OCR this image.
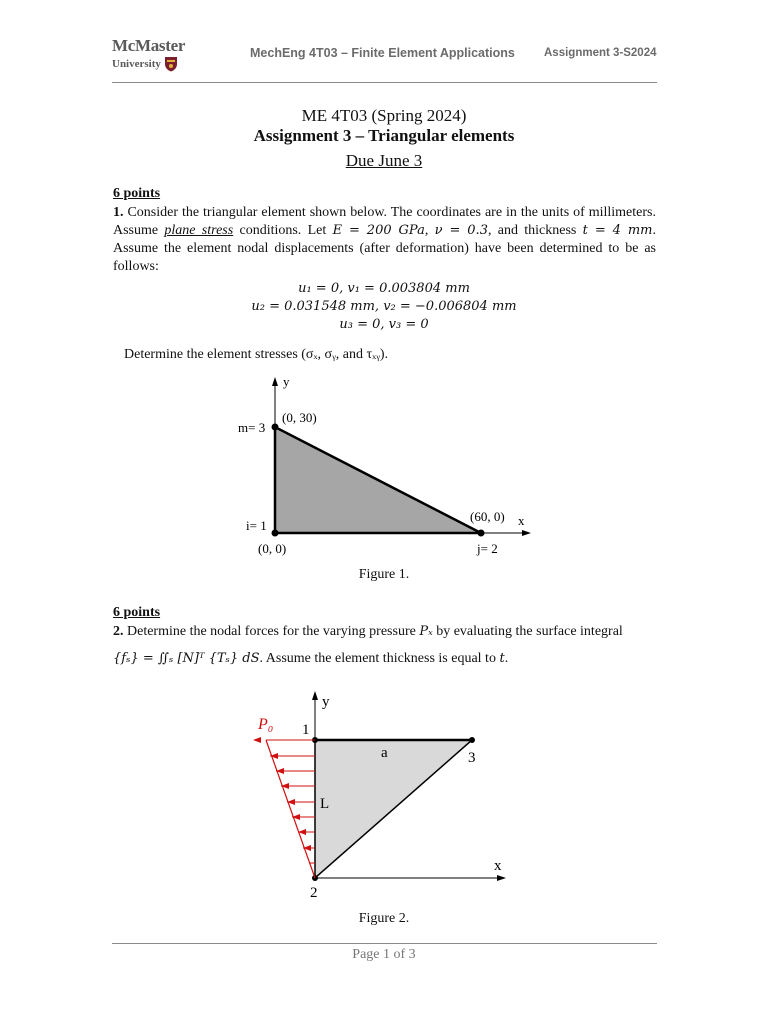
McMaster
University
MechEng 4T03 – Finite Element Applications	Assignment 3-S2024
ME 4T03 (Spring 2024)
Assignment 3 – Triangular elements
Due June 3
6 points
1. Consider the triangular element shown below. The coordinates are in the units of millimeters. Assume plane stress conditions. Let E = 200 GPa, ν = 0.3, and thickness t = 4 mm. Assume the element nodal displacements (after deformation) have been determined to be as follows:
u₁ = 0, v₁ = 0.003804 mm
u₂ = 0.031548 mm, v₂ = −0.006804 mm
u₃ = 0, v₃ = 0
Determine the element stresses (σₓ, σᵧ, and τₓᵧ).
y
x
(0, 30)
m= 3
i= 1
(0, 0)
(60, 0)
j= 2
Figure 1.
6 points
2. Determine the nodal forces for the varying pressure Pₓ by evaluating the surface integral
{fₛ} = ∬ₛ [N]ᵀ {Tₛ} dS. Assume the element thickness is equal to t.
y
x
P₀ 1
3
2
a
L
Figure 2.
Page 1 of 3
